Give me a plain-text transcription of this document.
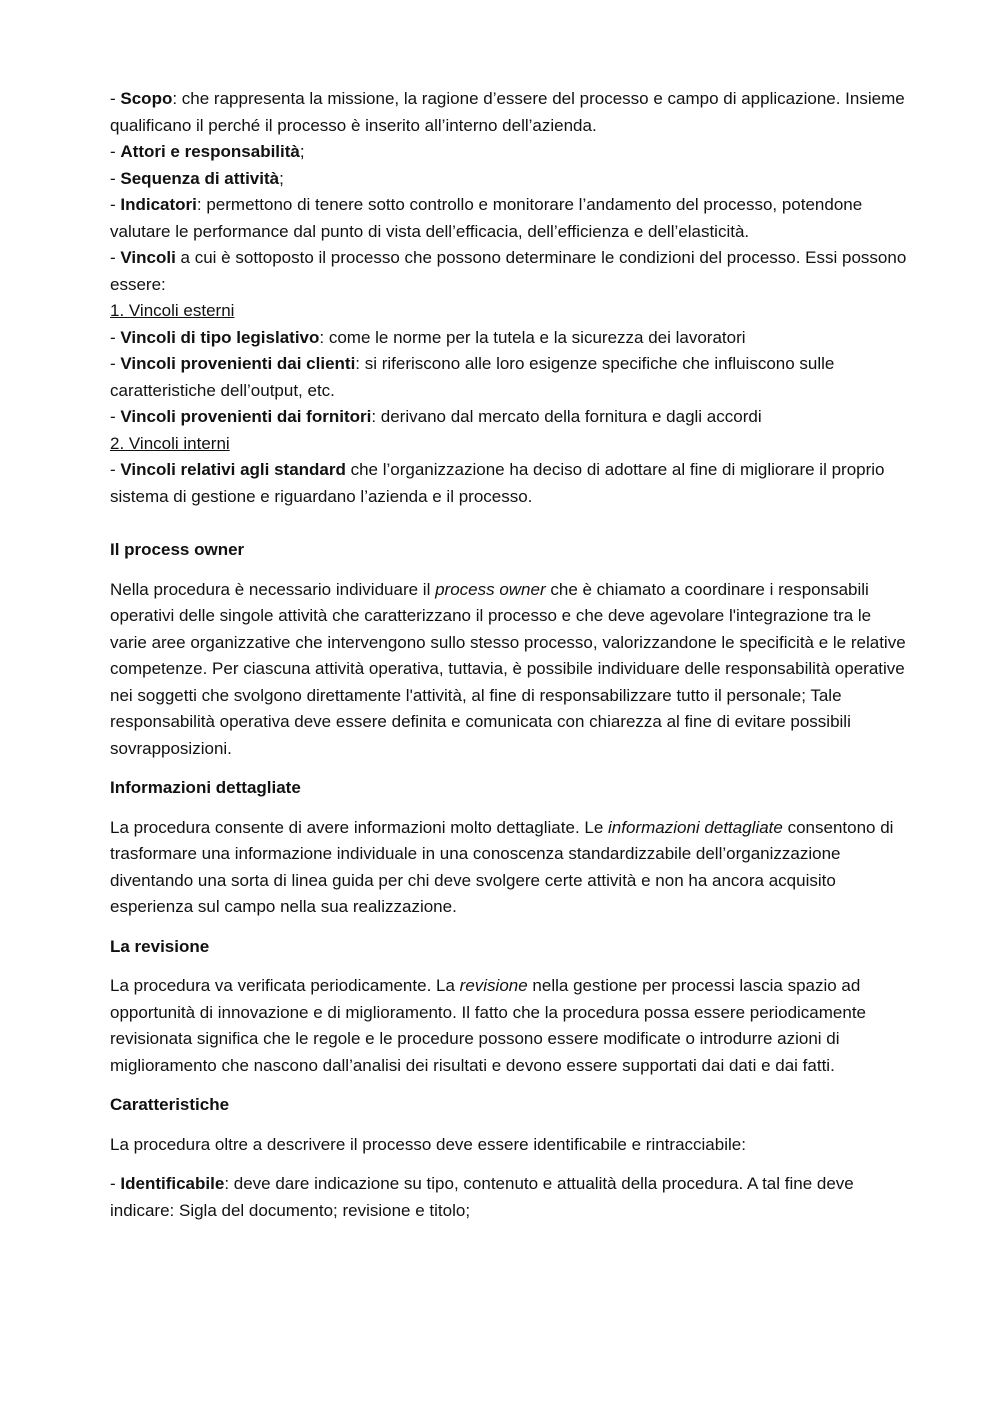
- Scopo: che rappresenta la missione, la ragione d’essere del processo e campo di applicazione. Insieme qualificano il perché il processo è inserito all’interno dell’azienda.

- Attori e responsabilità;

- Sequenza di attività;

- Indicatori: permettono di tenere sotto controllo e monitorare l’andamento del processo, potendone valutare le performance dal punto di vista dell’efficacia, dell’efficienza e dell’elasticità.

- Vincoli a cui è sottoposto il processo che possono determinare le condizioni del processo. Essi possono essere:

1. Vincoli esterni

- Vincoli di tipo legislativo: come le norme per la tutela e la sicurezza dei lavoratori

- Vincoli provenienti dai clienti: si riferiscono alle loro esigenze specifiche che influiscono sulle caratteristiche dell’output, etc.

- Vincoli provenienti dai fornitori: derivano dal mercato della fornitura e dagli accordi

2. Vincoli interni

- Vincoli relativi agli standard che l’organizzazione ha deciso di adottare al fine di migliorare il proprio sistema di gestione e riguardano l’azienda e il processo.

Il process owner

Nella procedura è necessario individuare il process owner che è chiamato a coordinare i responsabili operativi delle singole attività che caratterizzano il processo e che deve agevolare l'integrazione tra le varie aree organizzative che intervengono sullo stesso processo, valorizzandone le specificità e le relative competenze. Per ciascuna attività operativa, tuttavia, è possibile individuare delle responsabilità operative nei soggetti che svolgono direttamente l'attività, al fine di responsabilizzare tutto il personale; Tale responsabilità operativa deve essere definita e comunicata con chiarezza al fine di evitare possibili sovrapposizioni.

Informazioni dettagliate

La procedura consente di avere informazioni molto dettagliate. Le informazioni dettagliate consentono di trasformare una informazione individuale in una conoscenza standardizzabile dell’organizzazione diventando una sorta di linea guida per chi deve svolgere certe attività e non ha ancora acquisito esperienza sul campo nella sua realizzazione.

La revisione

La procedura va verificata periodicamente. La revisione nella gestione per processi lascia spazio ad opportunità di innovazione e di miglioramento. Il fatto che la procedura possa essere periodicamente revisionata significa che le regole e le procedure possono essere modificate o introdurre azioni di miglioramento che nascono dall’analisi dei risultati e devono essere supportati dai dati e dai fatti.

Caratteristiche

La procedura oltre a descrivere il processo deve essere identificabile e rintracciabile:

- Identificabile: deve dare indicazione su tipo, contenuto e attualità della procedura. A tal fine deve indicare: Sigla del documento; revisione e titolo;
